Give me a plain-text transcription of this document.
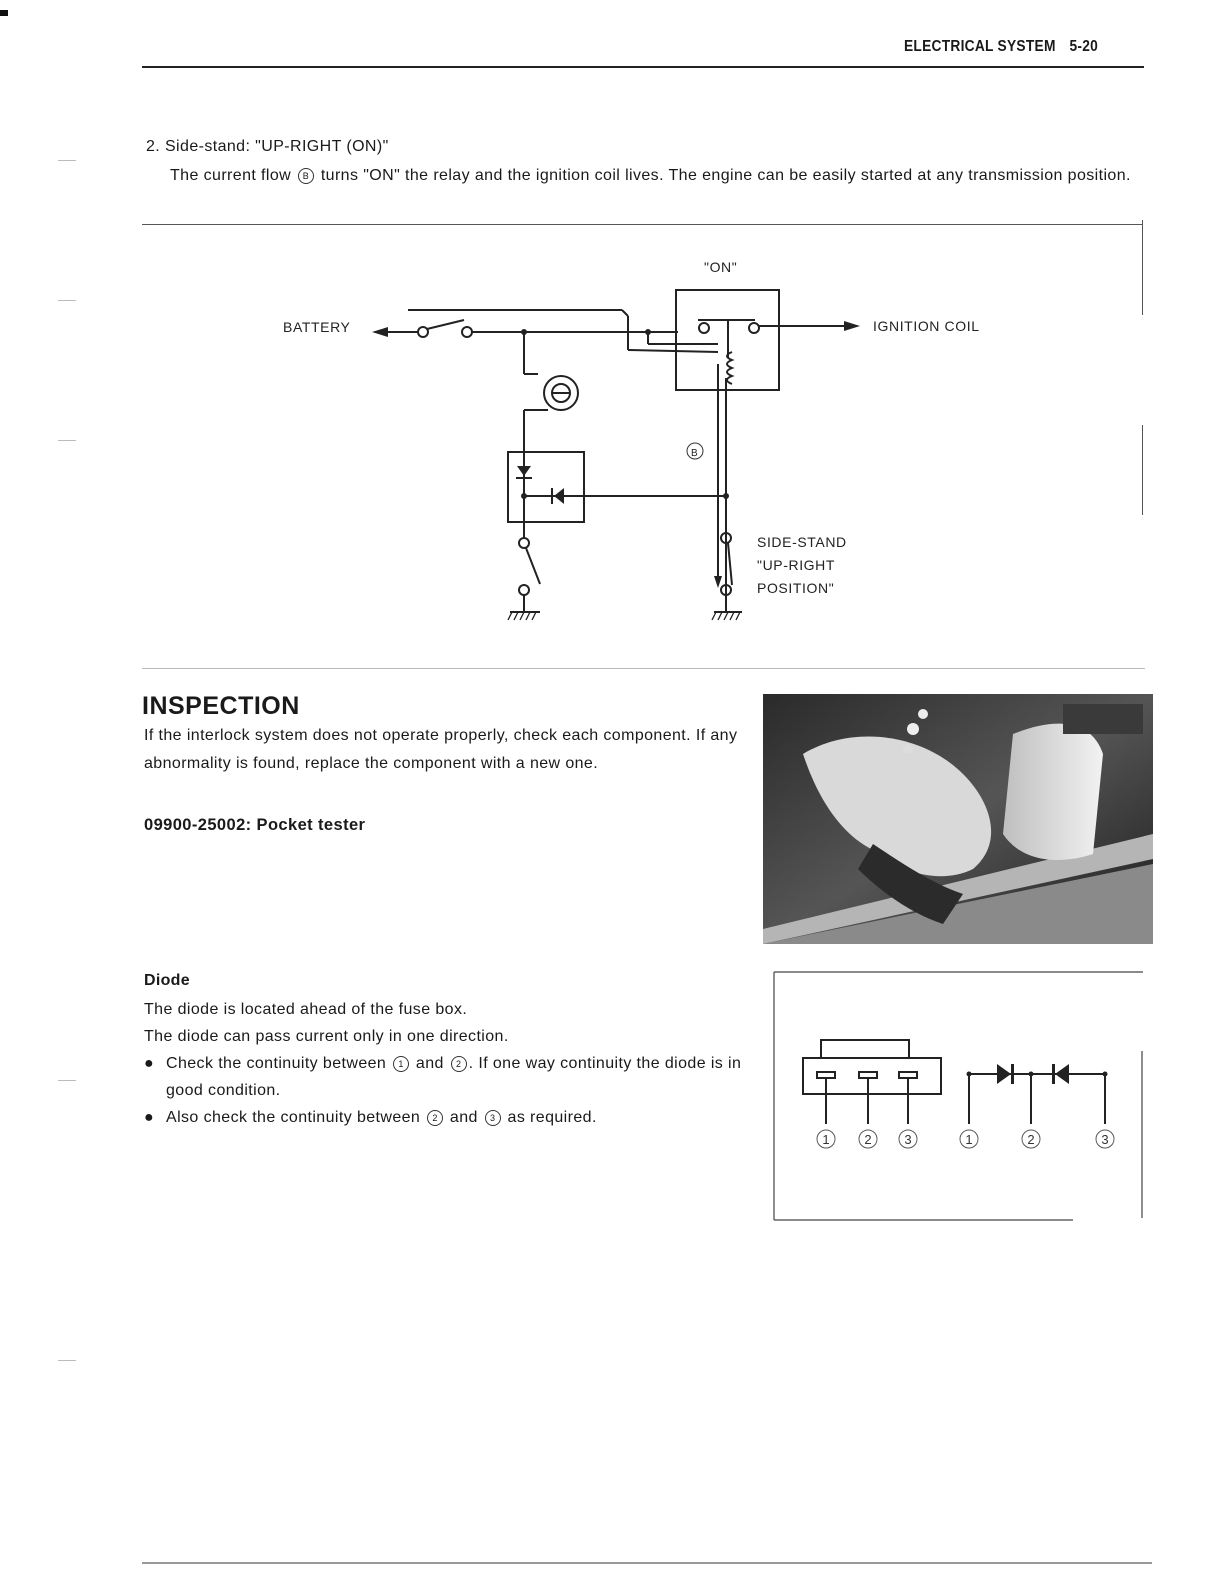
ELECTRICAL SYSTEM 5-20
2. Side-stand: "UP-RIGHT (ON)"
The current flow B turns "ON" the relay and the ignition coil lives. The engine can be easily started at any transmission position.
B
"ON"
BATTERY	IGNITION COIL
SIDE-STAND
"UP-RIGHT
POSITION"
INSPECTION
If the interlock system does not operate properly, check each component. If any abnormality is found, replace the component with a new one.
09900-25002: Pocket tester
Diode

The diode is located ahead of the fuse box.

The diode can pass current only in one direction.

● Check the continuity between 1 and 2 . If one way continuity the diode is in good condition.

● Also check the continuity between 2 and 3 as required.

1	2	3	1	2	3
